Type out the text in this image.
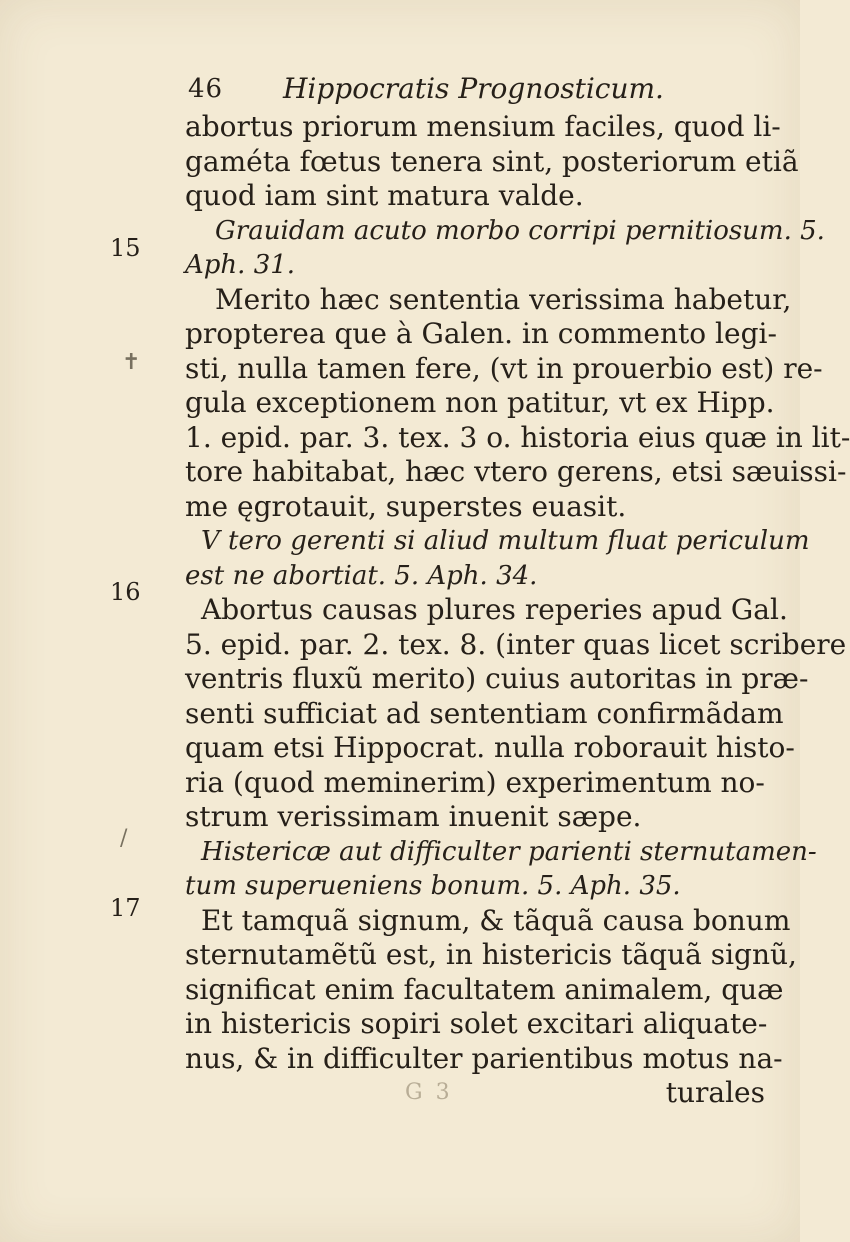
46 Hippocratis Prognosticum.
15
16
17
✝
/
abortus priorum mensium faciles, quod li-
gaméta fœtus tenera sint, posteriorum etiã
quod iam sint matura valde.
Grauidam acuto morbo corripi pernitiosum. 5.
Aph. 31.
Merito hæc sententia verissima habetur,
propterea que à Galen. in commento legi-
sti, nulla tamen fere, (vt in prouerbio est) re-
gula exceptionem non patitur, vt ex Hipp.
1. epid. par. 3. tex. 3 o. historia eius quæ in lit-
tore habitabat, hæc vtero gerens, etsi sæuissi-
me ęgrotauit, superstes euasit.
V tero gerenti si aliud multum fluat periculum
est ne abortiat. 5. Aph. 34.
Abortus causas plures reperies apud Gal.
5. epid. par. 2. tex. 8. (inter quas licet scribere
ventris fluxũ merito) cuius autoritas in præ-
senti sufficiat ad sententiam confirmãdam
quam etsi Hippocrat. nulla roborauit histo-
ria (quod meminerim) experimentum no-
strum verissimam inuenit sæpe.
Histericæ aut difficulter parienti sternutamen-
tum superueniens bonum. 5. Aph. 35.
Et tamquã signum, & tãquã causa bonum
sternutamẽtũ est, in histericis tãquã signũ,
significat enim facultatem animalem, quæ
in histericis sopiri solet excitari aliquate-
nus, & in difficulter parientibus motus na-
G 3	turales
